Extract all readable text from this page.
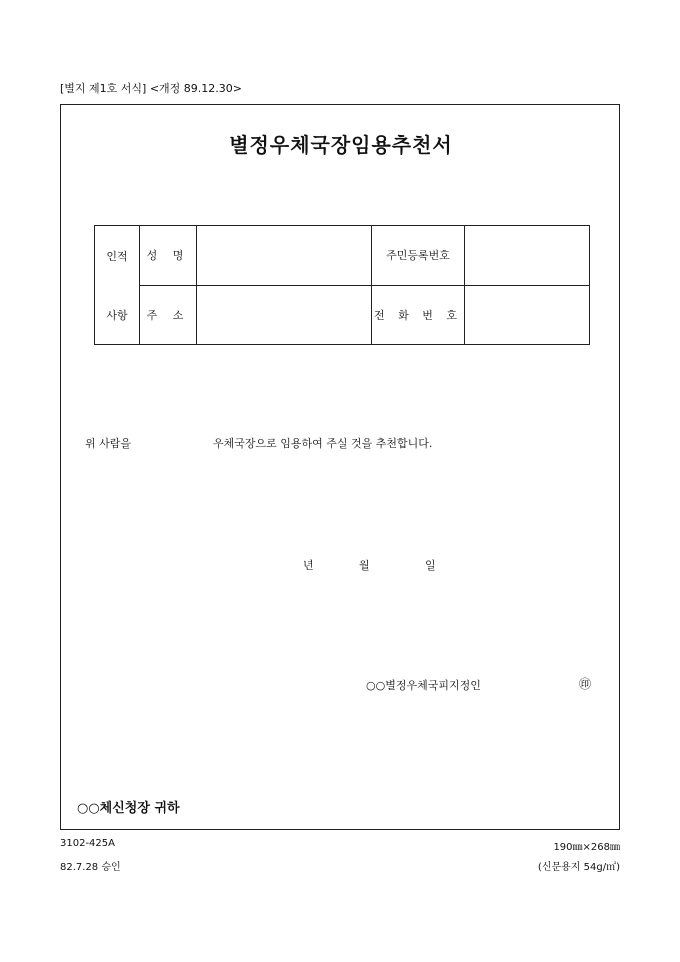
[별지 제1호 서식] <개정 89.12.30>
별정우체국장임용추천서
인적	성 명		주민등록번호	
사항	주 소		전 화 번 호	
위 사람을	우체국장으로 임용하여 주실 것을 추천합니다.
년	월	일
○○별정우체국피지정인	㊞
○○체신청장 귀하
3102-425A
82.7.28 승인
190㎜×268㎜
(신문용지 54g/㎡)
